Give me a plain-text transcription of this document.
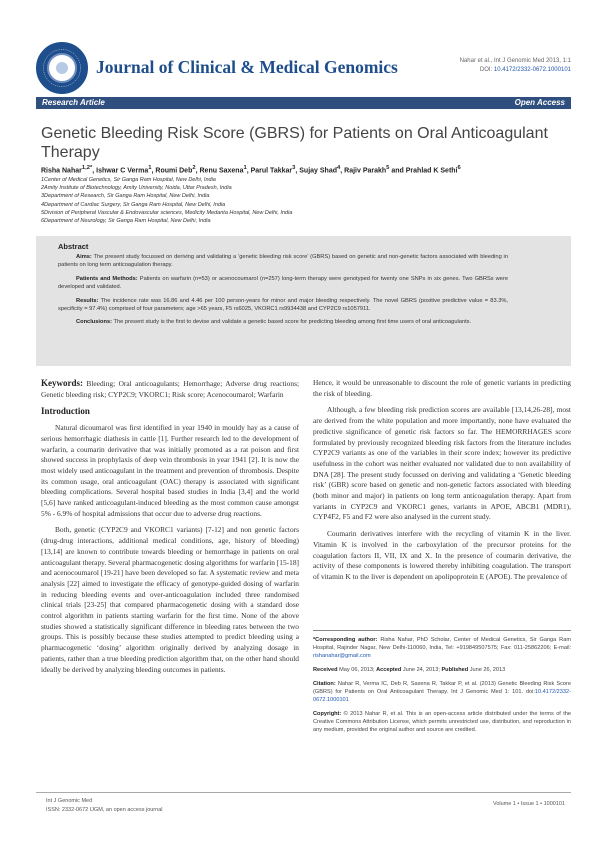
Journal of Clinical & Medical Genomics	Nahar et al., Int J Genomic Med 2013, 1:1
DOI: 10.4172/2332-0672.1000101
Research Article	Open Access
Genetic Bleeding Risk Score (GBRS) for Patients on Oral Anticoagulant Therapy
Risha Nahar$^{1,2*}$, Ishwar C Verma$^1$, Roumi Deb$^2$, Renu Saxena$^1$, Parul Takkar$^3$, Sujay Shad$^4$, Rajiv Parakh$^5$ and Prahlad K Sethi$^6$
1Center of Medical Genetics, Sir Ganga Ram Hospital, New Delhi, India
2Amity Institute of Biotechnology, Amity University, Noida, Uttar Pradesh, India
3Department of Research, Sir Ganga Ram Hospital, New Delhi, India
4Department of Cardiac Surgery, Sir Ganga Ram Hospital, New Delhi, India
5Division of Peripheral Vascular & Endovascular sciences, Medicity Medanta Hospital, New Delhi, India
6Department of Neurology, Sir Ganga Ram Hospital, New Delhi, India
Abstract

Aims: The present study focussed on deriving and validating a ‘genetic bleeding risk score’ (GBRS) based on genetic and non-genetic factors associated with bleeding in patients on long term anticoagulation therapy.

Patients and Methods: Patients on warfarin (n=53) or acenocoumarol (n=257) long-term therapy were genotyped for twenty one SNPs in six genes. Two GBRSs were developed and validated.

Results: The incidence rate was 16.86 and 4.46 per 100 person-years for minor and major bleeding respectively. The novel GBRS (positive predictive value = 83.3%, specificity = 97.4%) comprised of four parameters; age >65 years, F5 rs6025, VKORC1 rs9934438 and CYP2C9 rs1057911.

Conclusions: The present study is the first to devise and validate a genetic based score for predicting bleeding among first time users of oral anticoagulants.

Keywords: Bleeding; Oral anticoagulants; Hemorrhage; Adverse drug reactions; Genetic bleeding risk; CYP2C9; VKORC1; Risk score; Acenocoumarol; Warfarin

Introduction

Natural dicoumarol was first identified in year 1940 in mouldy hay as a cause of serious hemorrhagic diathesis in cattle [1]. Further research led to the development of warfarin, a coumarin derivative that was initially promoted as a rat poison and first showed success in prophylaxis of deep vein thrombosis in year 1941 [2]. It is now the most widely used anticoagulant in the treatment and prevention of thrombosis. Despite its common usage, oral anticoagulant (OAC) therapy is associated with significant bleeding complications. Several hospital based studies in India [3,4] and the world [5,6] have ranked anticoagulant-induced bleeding as the most common cause amongst 5% - 6.9% of hospital admissions that occur due to adverse drug reactions.

Both, genetic (CYP2C9 and VKORC1 variants) [7-12] and non genetic factors (drug-drug interactions, additional medical conditions, age, history of bleeding) [13,14] are known to contribute towards bleeding or hemorrhage in patients on oral anticoagulant therapy. Several pharmacogenetic dosing algorithms for warfarin [15-18] and acenocoumarol [19-21] have been developed so far. A systematic review and meta analysis [22] aimed to investigate the efficacy of genotype-guided dosing of warfarin in reducing bleeding events and over-anticoagulation included three randomised clinical trials [23-25] that compared pharmacogenetic dosing with a standard dose control algorithm in patients starting warfarin for the first time. None of the above studies showed a statistically significant difference in bleeding rates between the two groups. This is possibly because these studies attempted to predict bleeding using a pharmacogenetic ‘dosing’ algorithm originally derived by analyzing dosage in patients, rather than a true bleeding prediction algorithm that, on the other hand should ideally be derived by analyzing bleeding outcomes in patients.

Hence, it would be unreasonable to discount the role of genetic variants in predicting the risk of bleeding.

Although, a few bleeding risk prediction scores are available [13,14,26-28], most are derived from the white population and more importantly, none have evaluated the predictive significance of genetic risk factors so far. The HEMORRHAGES score formulated by previously recognized bleeding risk factors from the literature includes CYP2C9 variants as one of the variables in their score index; however its predictive usefulness in the cohort was neither evaluated nor validated due to non availability of DNA [28]. The present study focussed on deriving and validating a ‘Genetic bleeding risk’ (GBR) score based on genetic and non-genetic factors associated with bleeding (both minor and major) in patients on long term anticoagulation therapy. Apart from variants in CYP2C9 and VKORC1 genes, variants in APOE, ABCB1 (MDR1), CYP4F2, F5 and F2 were also analysed in the current study.

Coumarin derivatives interfere with the recycling of vitamin K in the liver. Vitamin K is involved in the carboxylation of the precursor proteins for the coagulation factors II, VII, IX and X. In the presence of coumarin derivative, the activity of these components is lowered thereby inhibiting coagulation. The transport of vitamin K to the liver is dependent on apolipoprotein E (APOE). The prevalence of

*Corresponding author: Risha Nahar, PhD Scholar, Center of Medical Genetics, Sir Ganga Ram Hospital, Rajinder Nagar, New Delhi-110060, India, Tel: +919849507575; Fax: 011-25862206; E-mail: rishanahar@gmail.com

Received May 06, 2013; Accepted June 24, 2013; Published June 26, 2013

Citation: Nahar R, Verma IC, Deb R, Saxena R, Takkar P, et al. (2013) Genetic Bleeding Risk Score (GBRS) for Patients on Oral Anticoagulant Therapy. Int J Genomic Med 1: 101. doi:10.4172/2332-0672.1000101

Copyright: © 2013 Nahar R, et al. This is an open-access article distributed under the terms of the Creative Commons Attribution License, which permits unrestricted use, distribution, and reproduction in any medium, provided the original author and source are credited.

Int J Genomic Med
ISSN: 2332-0672 IJGM, an open access journal
Volume 1 • Issue 1 • 1000101
